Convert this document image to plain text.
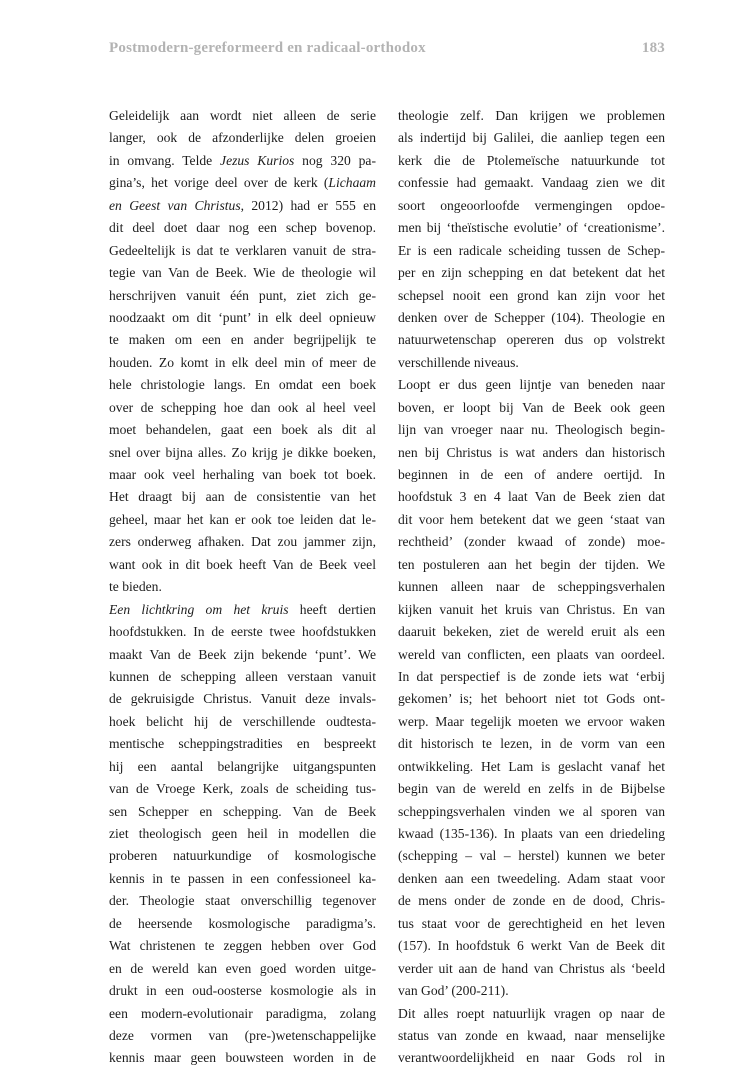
Postmodern-gereformeerd en radicaal-orthodox	183
Geleidelijk aan wordt niet alleen de serie
langer, ook de afzonderlijke delen groeien
in omvang. Telde Jezus Kurios nog 320 pa-
gina’s, het vorige deel over de kerk (Lichaam
en Geest van Christus, 2012) had er 555 en
dit deel doet daar nog een schep bovenop.
Gedeeltelijk is dat te verklaren vanuit de stra-
tegie van Van de Beek. Wie de theologie wil
herschrijven vanuit één punt, ziet zich ge-
noodzaakt om dit ‘punt’ in elk deel opnieuw
te maken om een en ander begrijpelijk te
houden. Zo komt in elk deel min of meer de
hele christologie langs. En omdat een boek
over de schepping hoe dan ook al heel veel
moet behandelen, gaat een boek als dit al
snel over bijna alles. Zo krijg je dikke boeken,
maar ook veel herhaling van boek tot boek.
Het draagt bij aan de consistentie van het
geheel, maar het kan er ook toe leiden dat le-
zers onderweg afhaken. Dat zou jammer zijn,
want ook in dit boek heeft Van de Beek veel
te bieden.
Een lichtkring om het kruis heeft dertien
hoofdstukken. In de eerste twee hoofdstukken
maakt Van de Beek zijn bekende ‘punt’. We
kunnen de schepping alleen verstaan vanuit
de gekruisigde Christus. Vanuit deze invals-
hoek belicht hij de verschillende oudtesta-
mentische scheppingstradities en bespreekt
hij een aantal belangrijke uitgangspunten
van de Vroege Kerk, zoals de scheiding tus-
sen Schepper en schepping. Van de Beek
ziet theologisch geen heil in modellen die
proberen natuurkundige of kosmologische
kennis in te passen in een confessioneel ka-
der. Theologie staat onverschillig tegenover
de heersende kosmologische paradigma’s.
Wat christenen te zeggen hebben over God
en de wereld kan even goed worden uitge-
drukt in een oud-oosterse kosmologie als in
een modern-evolutionair paradigma, zolang
deze vormen van (pre-)wetenschappelijke
kennis maar geen bouwsteen worden in de
theologie zelf. Dan krijgen we problemen
als indertijd bij Galilei, die aanliep tegen een
kerk die de Ptolemeïsche natuurkunde tot
confessie had gemaakt. Vandaag zien we dit
soort ongeoorloofde vermengingen opdoe-
men bij ‘theïstische evolutie’ of ‘creationisme’.
Er is een radicale scheiding tussen de Schep-
per en zijn schepping en dat betekent dat het
schepsel nooit een grond kan zijn voor het
denken over de Schepper (104). Theologie en
natuurwetenschap opereren dus op volstrekt
verschillende niveaus.
Loopt er dus geen lijntje van beneden naar
boven, er loopt bij Van de Beek ook geen
lijn van vroeger naar nu. Theologisch begin-
nen bij Christus is wat anders dan historisch
beginnen in de een of andere oertijd. In
hoofdstuk 3 en 4 laat Van de Beek zien dat
dit voor hem betekent dat we geen ‘staat van
rechtheid’ (zonder kwaad of zonde) moe-
ten postuleren aan het begin der tijden. We
kunnen alleen naar de scheppingsverhalen
kijken vanuit het kruis van Christus. En van
daaruit bekeken, ziet de wereld eruit als een
wereld van conflicten, een plaats van oordeel.
In dat perspectief is de zonde iets wat ‘erbij
gekomen’ is; het behoort niet tot Gods ont-
werp. Maar tegelijk moeten we ervoor waken
dit historisch te lezen, in de vorm van een
ontwikkeling. Het Lam is geslacht vanaf het
begin van de wereld en zelfs in de Bijbelse
scheppingsverhalen vinden we al sporen van
kwaad (135-136). In plaats van een driedeling
(schepping – val – herstel) kunnen we beter
denken aan een tweedeling. Adam staat voor
de mens onder de zonde en de dood, Chris-
tus staat voor de gerechtigheid en het leven
(157). In hoofdstuk 6 werkt Van de Beek dit
verder uit aan de hand van Christus als ‘beeld
van God’ (200-211).
Dit alles roept natuurlijk vragen op naar de
status van zonde en kwaad, naar menselijke
verantwoordelijkheid en naar Gods rol in
